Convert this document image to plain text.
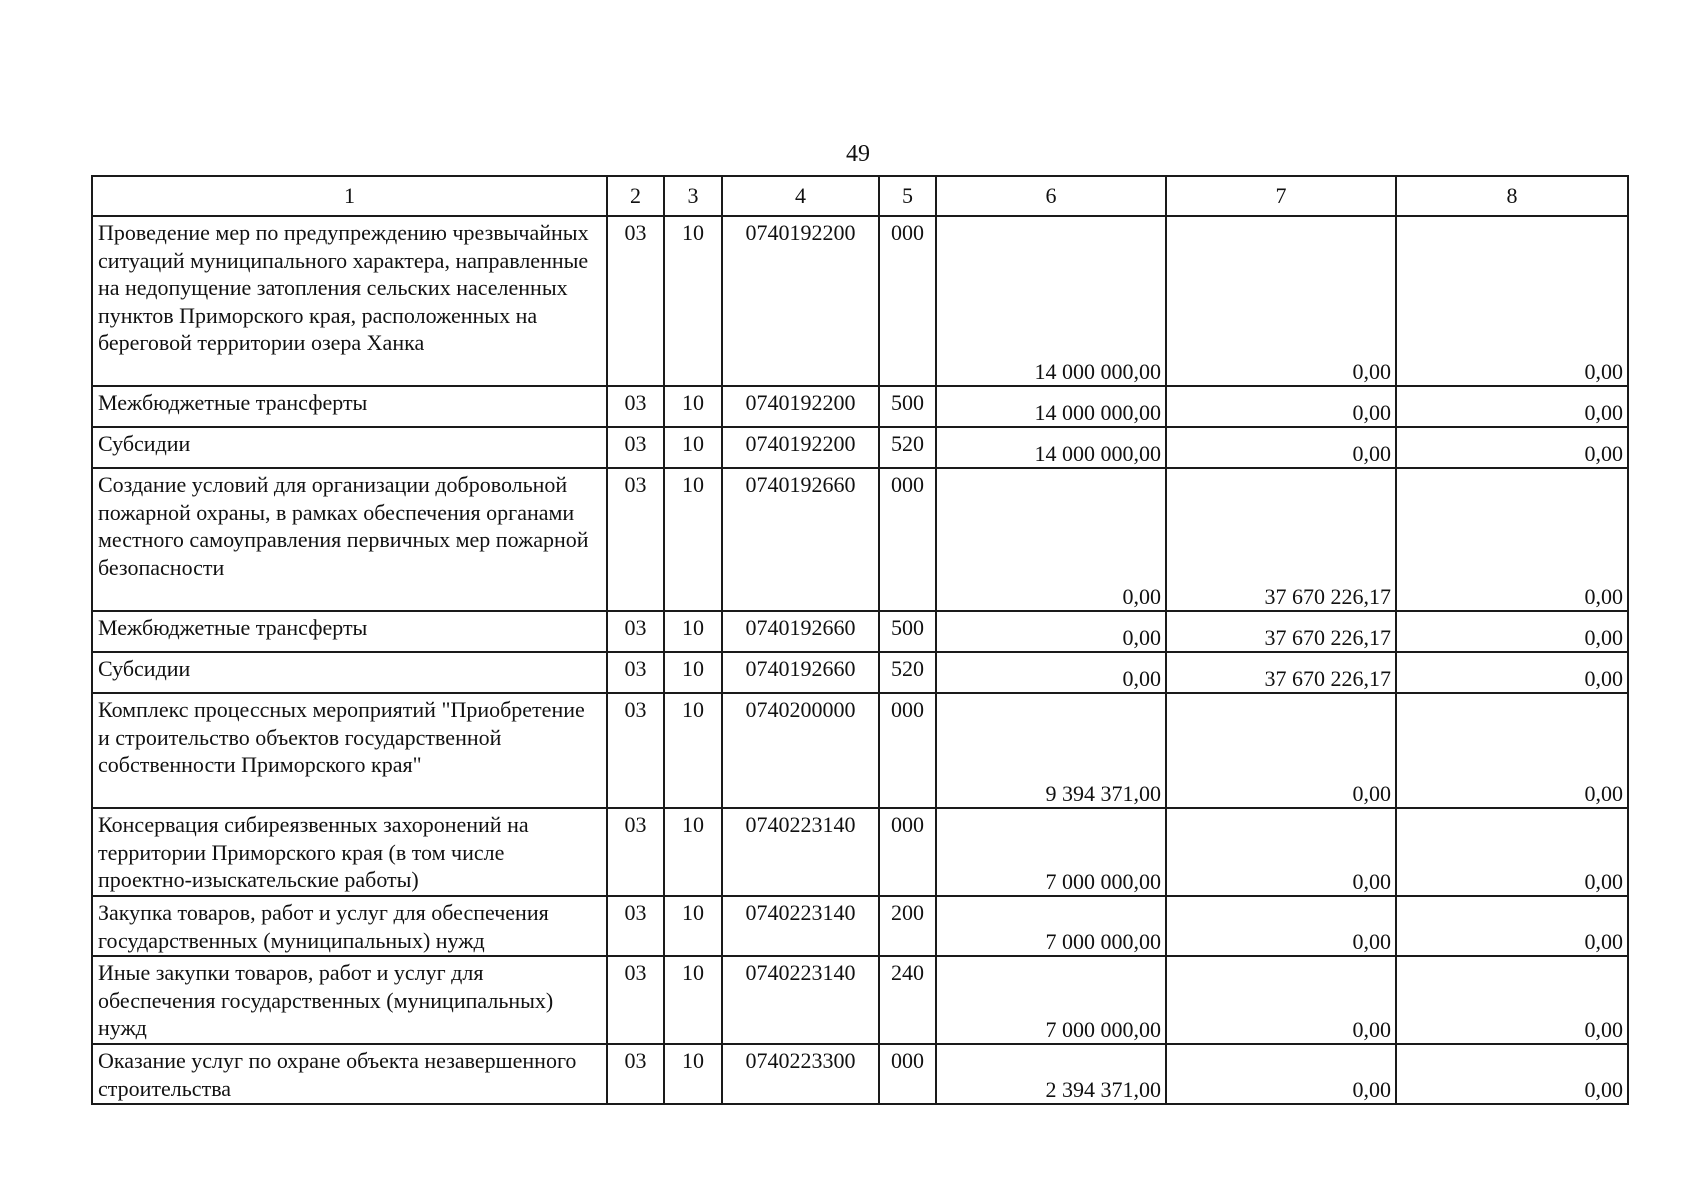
49
1	2	3	4	5	6	7	8
Проведение мер по предупреждению чрезвычайных ситуаций муниципального характера, направленные на недопущение затопления сельских населенных пунктов Приморского края, расположенных на береговой территории озера Ханка	03	10	0740192200	000	14 000 000,00	0,00	0,00
Межбюджетные трансферты	03	10	0740192200	500	14 000 000,00	0,00	0,00
Субсидии	03	10	0740192200	520	14 000 000,00	0,00	0,00
Создание условий для организации добровольной пожарной охраны, в рамках обеспечения органами местного самоуправления первичных мер пожарной безопасности	03	10	0740192660	000	0,00	37 670 226,17	0,00
Межбюджетные трансферты	03	10	0740192660	500	0,00	37 670 226,17	0,00
Субсидии	03	10	0740192660	520	0,00	37 670 226,17	0,00
Комплекс процессных мероприятий "Приобретение и строительство объектов государственной собственности Приморского края"	03	10	0740200000	000	9 394 371,00	0,00	0,00
Консервация сибиреязвенных захоронений на территории Приморского края (в том числе проектно-изыскательские работы)	03	10	0740223140	000	7 000 000,00	0,00	0,00
Закупка товаров, работ и услуг для обеспечения государственных (муниципальных) нужд	03	10	0740223140	200	7 000 000,00	0,00	0,00
Иные закупки товаров, работ и услуг для обеспечения государственных (муниципальных) нужд	03	10	0740223140	240	7 000 000,00	0,00	0,00
Оказание услуг по охране объекта незавершенного строительства	03	10	0740223300	000	2 394 371,00	0,00	0,00
